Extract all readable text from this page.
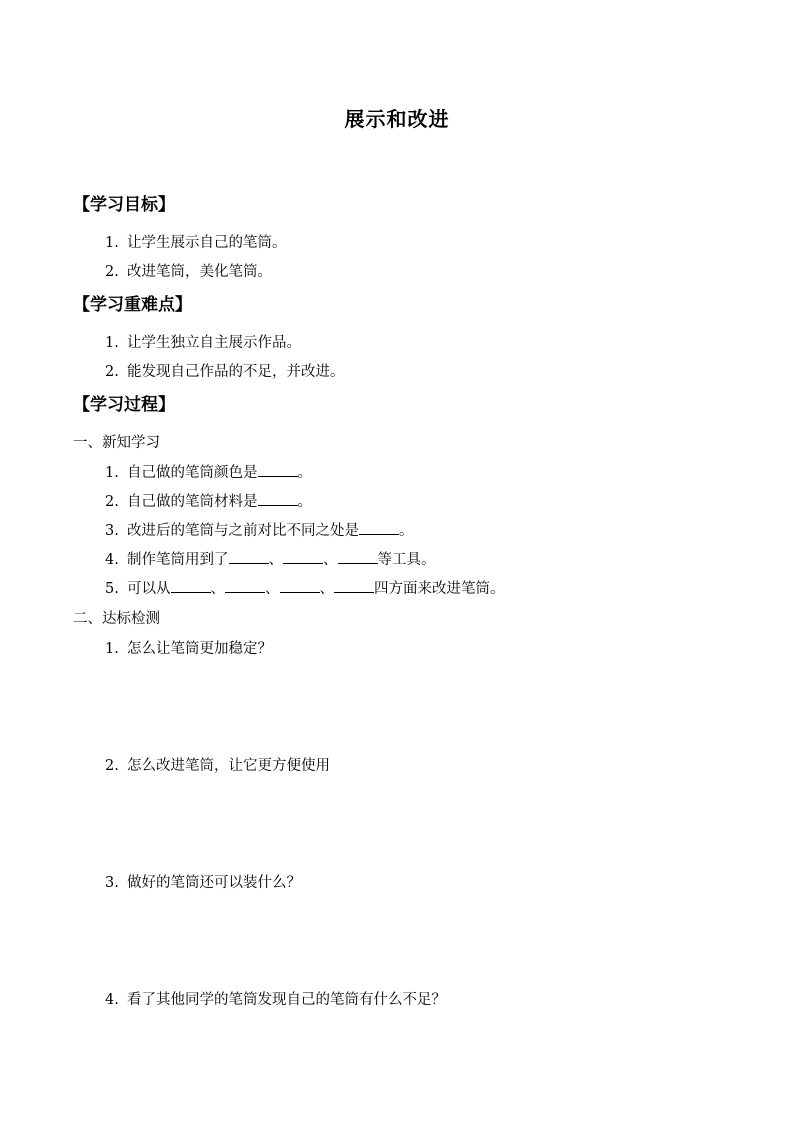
展示和改进
【学习目标】
1. 让学生展示自己的笔筒。
2. 改进笔筒，美化笔筒。
【学习重难点】
1. 让学生独立自主展示作品。
2. 能发现自己作品的不足，并改进。
【学习过程】
一、新知学习
1. 自己做的笔筒颜色是	。
2. 自己做的笔筒材料是	。
3. 改进后的笔筒与之前对比不同之处是	。
4. 制作笔筒用到了	、	、	等工具。
5. 可以从	、	、	、	四方面来改进笔筒。
二、达标检测
1. 怎么让笔筒更加稳定？
2. 怎么改进笔筒，让它更方便使用
3. 做好的笔筒还可以装什么？
4. 看了其他同学的笔筒发现自己的笔筒有什么不足？
